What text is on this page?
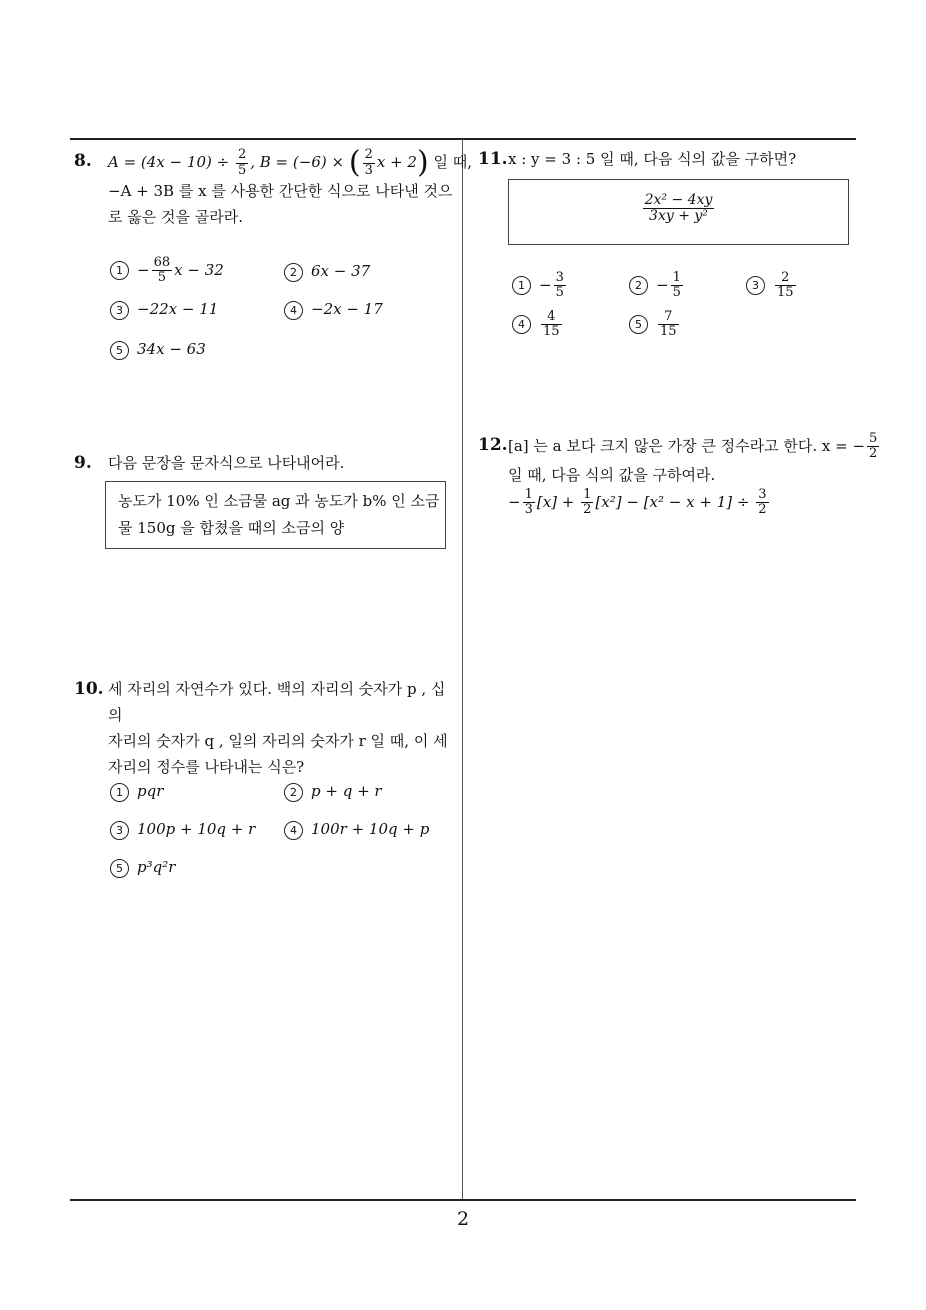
8. $A = (4x - 10) \div \frac{2}{5}$ , B = (−6) × ( $\frac{2}{3}$ x + 2) 일 때,
−A + 3B 를 x 를 사용한 간단한 식으로 나타낸 것으
로 옳은 것을 골라라.
$1 - \frac{68}{5}$ x − 32	2 6x − 37
3 −22x − 11	4 −2x − 17
5 34x − 63
9. 다음 문장을 문자식으로 나타내어라.
농도가 10% 인 소금물 ag 과 농도가 b% 인 소금
물 150g 을 합쳤을 때의 소금의 양
10. 세 자리의 자연수가 있다. 백의 자리의 숫자가 p , 십의
자리의 숫자가 q , 일의 자리의 숫자가 r 일 때, 이 세
자리의 정수를 나타내는 식은?
1 pqr	2 p + q + r
3 100p + 10q + r	4 100r + 10q + p
5 p³q²r
11. x : y = 3 : 5 일 때, 다음 식의 값을 구하면?
$\frac{\text{2x² − 4xy}}{\text{3xy + y²}}$
$1 - \frac{3}{5}$	$2 - \frac{1}{5}$	$3 \frac{2}{15}$
$4 \frac{4}{15}$	$5 \frac{7}{15}$
12. [a] 는 a 보다 크지 않은 가장 큰 정수라고 한다. x = − $\frac{5}{2}$
일 때, 다음 식의 값을 구하여라.
− $\frac{1}{3} [x] + \frac{1}{2} [x^2] - [x^2 - x + 1] \div \frac{3}{2}$
2
